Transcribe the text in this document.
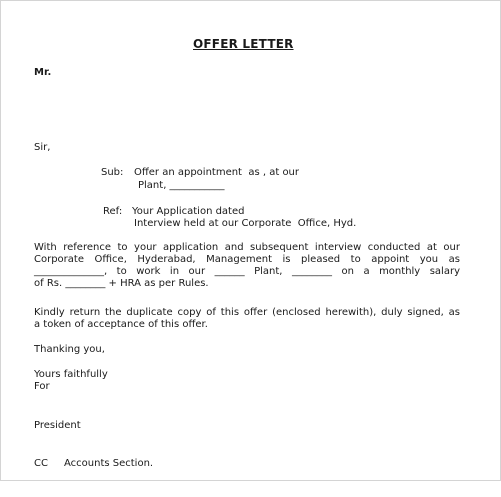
OFFER LETTER
Mr.
Sir,
Sub: Offer an appointment  as , at our
Plant, ___________
Ref: Your Application dated
Interview held at our Corporate  Office, Hyd.
With reference to your application and subsequent interview conducted at our
Corporate Office, Hyderabad, Management is pleased to appoint you as
______________, to work in our ______ Plant, ________ on a monthly salary
of Rs. ________ + HRA as per Rules.
Kindly return the duplicate copy of this offer (enclosed herewith), duly signed, as
a token of acceptance of this offer.
Thanking you,
Yours faithfully
For
President
CC Accounts Section.
